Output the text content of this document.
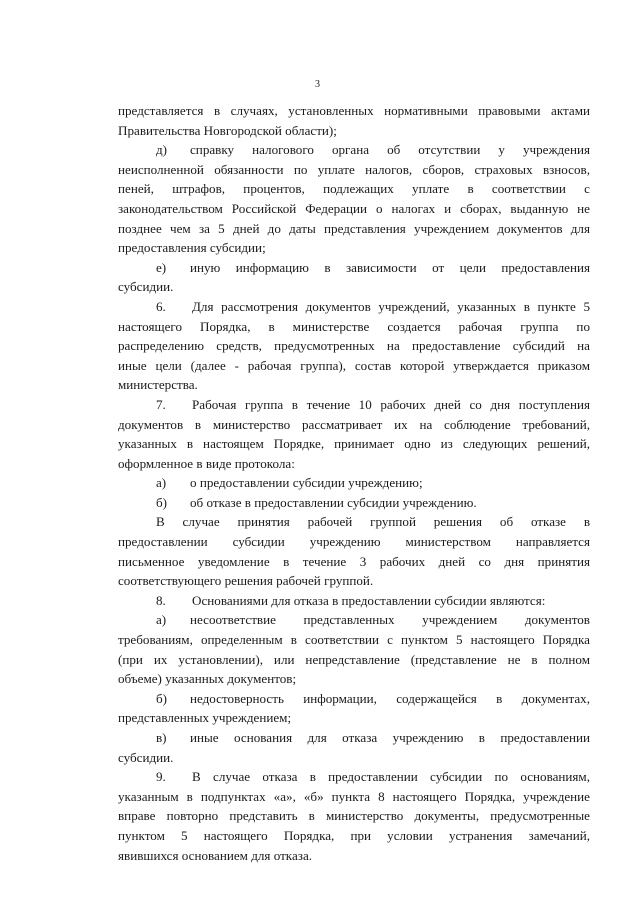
3
представляется в случаях, установленных нормативными правовыми актами
Правительства Новгородской области);
д) справку налогового органа об отсутствии у учреждения
неисполненной обязанности по уплате налогов, сборов, страховых взносов,
пеней, штрафов, процентов, подлежащих уплате в соответствии с
законодательством Российской Федерации о налогах и сборах, выданную не
позднее чем за 5 дней до даты представления учреждением документов для
предоставления субсидии;
е) иную информацию в зависимости от цели предоставления
субсидии.
6. Для рассмотрения документов учреждений, указанных в пункте 5
настоящего Порядка, в министерстве создается рабочая группа по
распределению средств, предусмотренных на предоставление субсидий на
иные цели (далее - рабочая группа), состав которой утверждается приказом
министерства.
7. Рабочая группа в течение 10 рабочих дней со дня поступления
документов в министерство рассматривает их на соблюдение требований,
указанных в настоящем Порядке, принимает одно из следующих решений,
оформленное в виде протокола:
а) о предоставлении субсидии учреждению;
б) об отказе в предоставлении субсидии учреждению.
В случае принятия рабочей группой решения об отказе в
предоставлении субсидии учреждению министерством направляется
письменное уведомление в течение 3 рабочих дней со дня принятия
соответствующего решения рабочей группой.
8. Основаниями для отказа в предоставлении субсидии являются:
а) несоответствие представленных учреждением документов
требованиям, определенным в соответствии с пунктом 5 настоящего Порядка
(при их установлении), или непредставление (представление не в полном
объеме) указанных документов;
б) недостоверность информации, содержащейся в документах,
представленных учреждением;
в) иные основания для отказа учреждению в предоставлении
субсидии.
9. В случае отказа в предоставлении субсидии по основаниям,
указанным в подпунктах «а», «б» пункта 8 настоящего Порядка, учреждение
вправе повторно представить в министерство документы, предусмотренные
пунктом 5 настоящего Порядка, при условии устранения замечаний,
явившихся основанием для отказа.
